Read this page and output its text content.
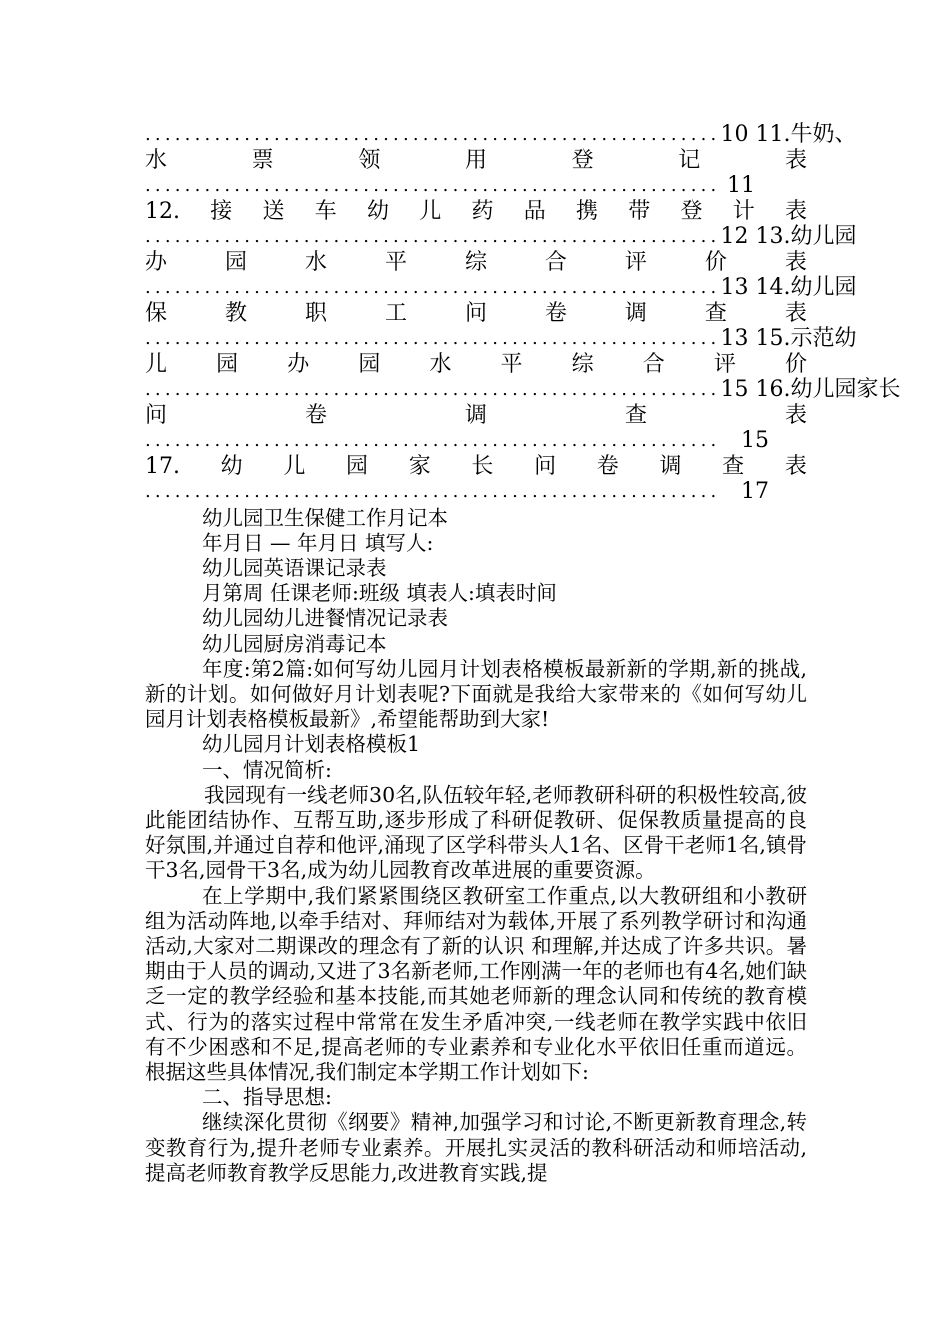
.......................................................... 10 11.牛奶、
水	票	领	用	登	记	表
.......................................................... 11
12. 接 送 车 幼 儿 药 品 携 带 登 计 表
.......................................................... 12 13.幼儿园
办	园	水	平	综	合	评	价	表
.......................................................... 13 14.幼儿园
保	教	职	工	问	卷	调	查	表
.......................................................... 13 15.示范幼
儿 园 办 园 水 平 综 合 评 价
.......................................................... 15 16.幼儿园家长
问	卷	调	查	表
.......................................................... 15
17. 幼 儿 园 家 长 问 卷 调 查 表
.......................................................... 17
幼儿园卫生保健工作月记本
年月日 — 年月日 填写人:
幼儿园英语课记录表
月第周 任课老师:班级 填表人:填表时间
幼儿园幼儿进餐情况记录表
幼儿园厨房消毒记本
年度:第2篇:如何写幼儿园月计划表格模板最新新的学期,新的挑战,新的计划。如何做好月计划表呢?下面就是我给大家带来的《如何写幼儿园月计划表格模板最新》,希望能帮助到大家!
幼儿园月计划表格模板1
一、情况简析:
我园现有一线老师30名,队伍较年轻,老师教研科研的积极性较高,彼此能团结协作、互帮互助,逐步形成了科研促教研、促保教质量提高的良好氛围,并通过自荐和他评,涌现了区学科带头人1名、区骨干老师1名,镇骨干3名,园骨干3名,成为幼儿园教育改革进展的重要资源。
在上学期中,我们紧紧围绕区教研室工作重点,以大教研组和小教研组为活动阵地,以牵手结对、拜师结对为载体,开展了系列教学研讨和沟通活动,大家对二期课改的理念有了新的认识 和理解,并达成了许多共识。暑期由于人员的调动,又进了3名新老师,工作刚满一年的老师也有4名,她们缺乏一定的教学经验和基本技能,而其她老师新的理念认同和传统的教育模式、行为的落实过程中常常在发生矛盾冲突,一线老师在教学实践中依旧有不少困惑和不足,提高老师的专业素养和专业化水平依旧任重而道远。根据这些具体情况,我们制定本学期工作计划如下:
二、指导思想:
继续深化贯彻《纲要》精神,加强学习和讨论,不断更新教育理念,转变教育行为,提升老师专业素养。开展扎实灵活的教科研活动和师培活动,提高老师教育教学反思能力,改进教育实践,提
